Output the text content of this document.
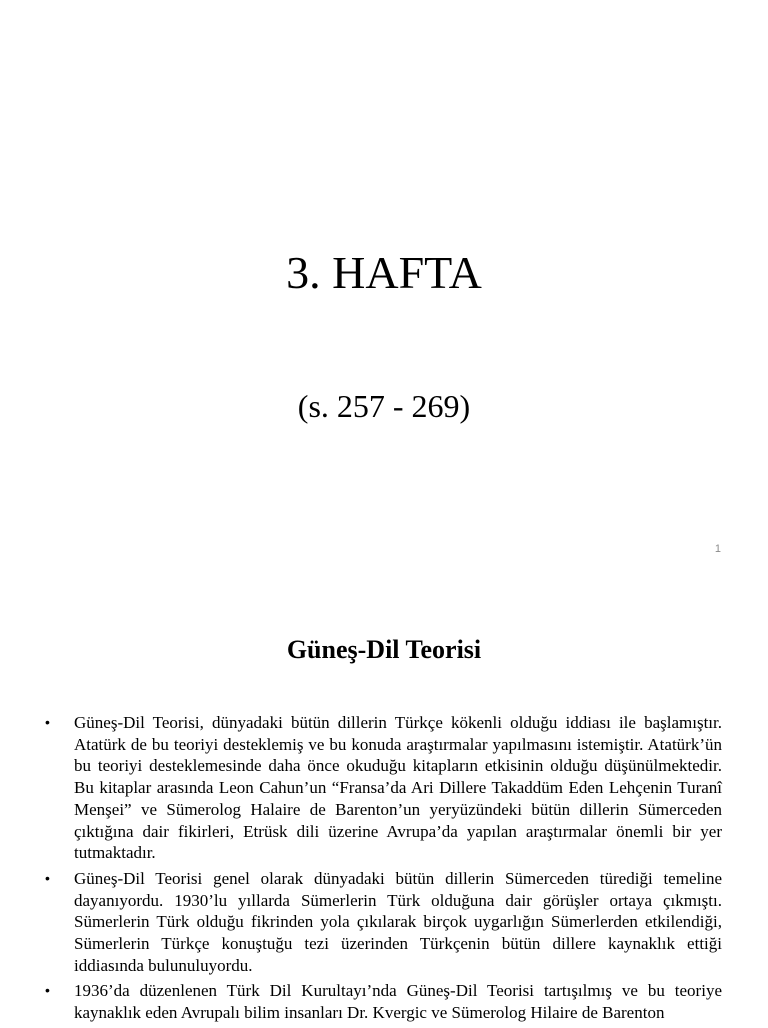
3. HAFTA
(s. 257 - 269)
1
Güneş-Dil Teorisi
• Güneş-Dil Teorisi, dünyadaki bütün dillerin Türkçe kökenli olduğu iddiası ile başlamıştır. Atatürk de bu teoriyi desteklemiş ve bu konuda araştırmalar yapılmasını istemiştir. Atatürk’ün bu teoriyi desteklemesinde daha önce okuduğu kitapların etkisinin olduğu düşünülmektedir. Bu kitaplar arasında Leon Cahun’un “Fransa’da Ari Dillere Takaddüm Eden Lehçenin Turanî Menşei” ve Sümerolog Halaire de Barenton’un yeryüzündeki bütün dillerin Sümerceden çıktığına dair fikirleri, Etrüsk dili üzerine Avrupa’da yapılan araştırmalar önemli bir yer tutmaktadır.
• Güneş-Dil Teorisi genel olarak dünyadaki bütün dillerin Sümerceden türediği temeline dayanıyordu. 1930’lu yıllarda Sümerlerin Türk olduğuna dair görüşler ortaya çıkmıştı. Sümerlerin Türk olduğu fikrinden yola çıkılarak birçok uygarlığın Sümerlerden etkilendiği, Sümerlerin Türkçe konuştuğu tezi üzerinden Türkçenin bütün dillere kaynaklık ettiği iddiasında bulunuluyordu.
• 1936’da düzenlenen Türk Dil Kurultayı’nda Güneş-Dil Teorisi tartışılmış ve bu teoriye kaynaklık eden Avrupalı bilim insanları Dr. Kvergic ve Sümerolog Hilaire de Barenton
